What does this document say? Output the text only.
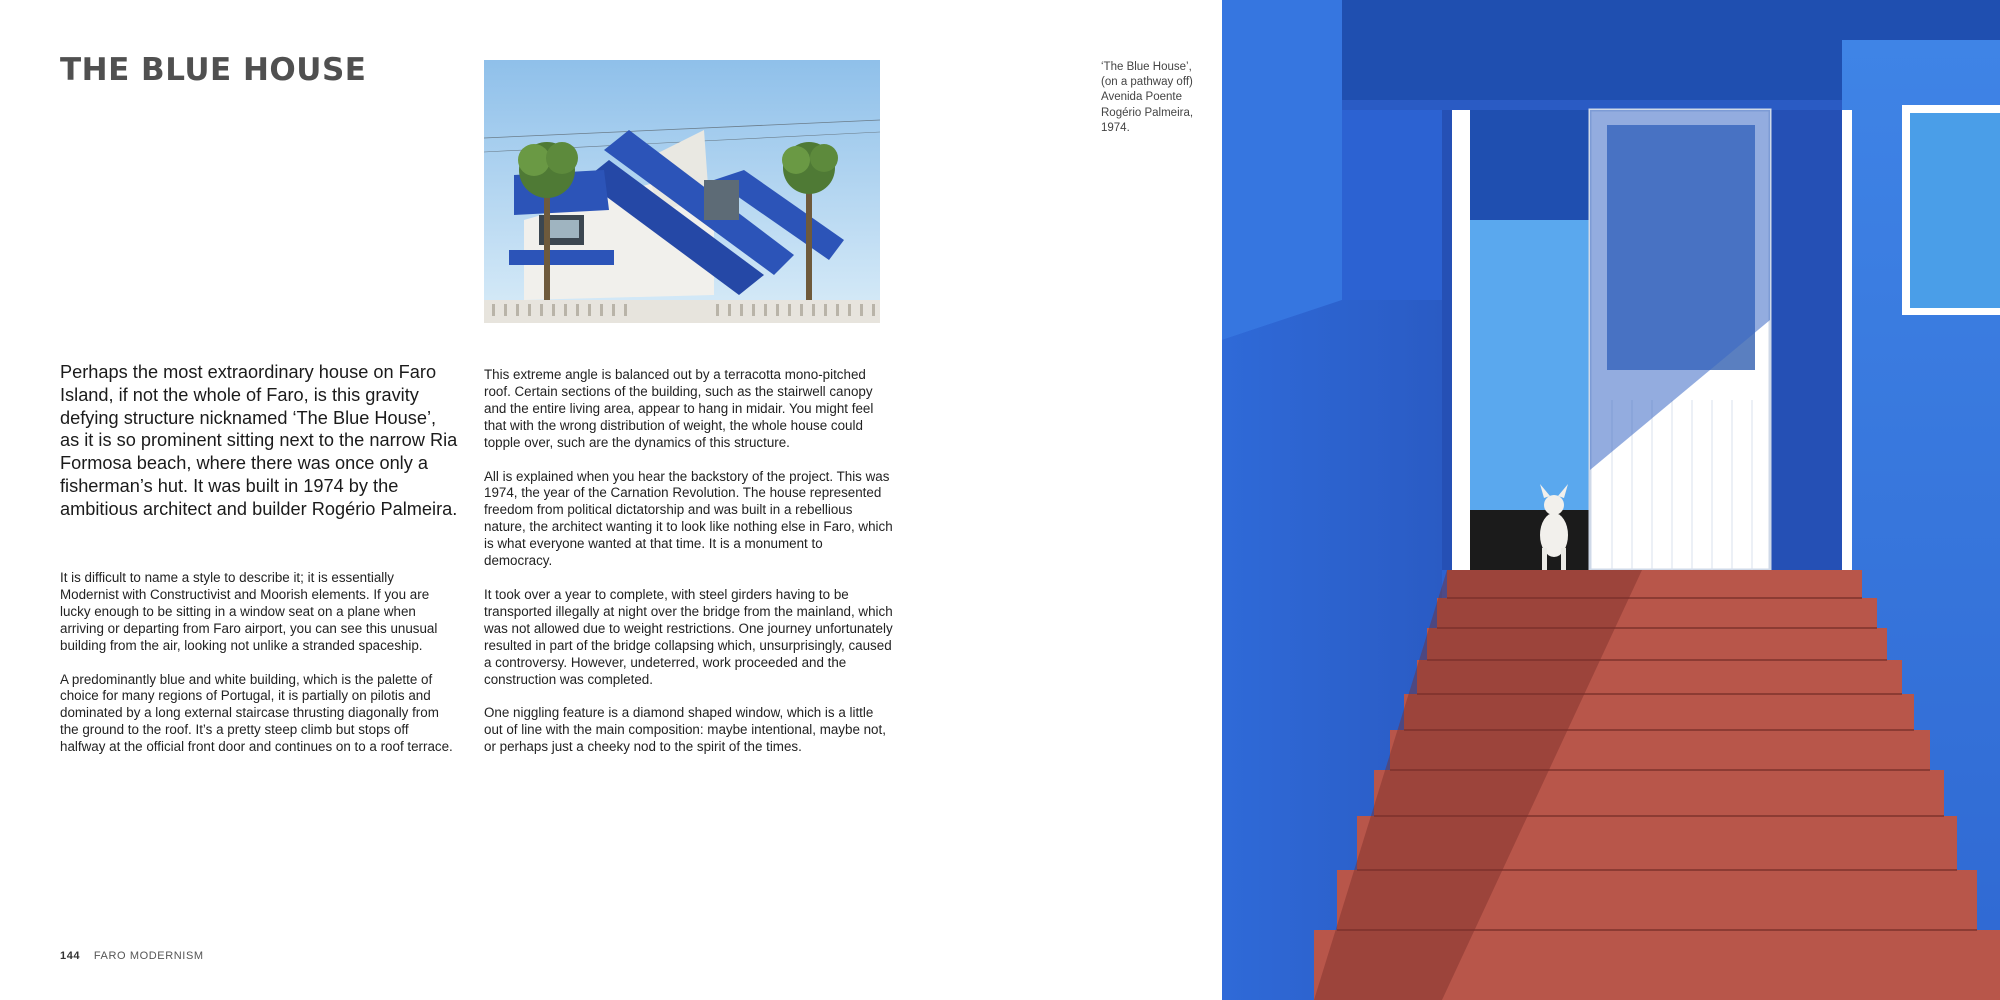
THE BLUE HOUSE

Perhaps the most extraordinary house on Faro Island, if not the whole of Faro, is this gravity defying structure nicknamed ‘The Blue House’, as it is so prominent sitting next to the narrow Ria Formosa beach, where there was once only a fisherman’s hut. It was built in 1974 by the ambitious architect and builder Rogério Palmeira.

It is difficult to name a style to describe it; it is essentially Modernist with Constructivist and Moorish elements. If you are lucky enough to be sitting in a window seat on a plane when arriving or departing from Faro airport, you can see this unusual building from the air, looking not unlike a stranded spaceship.

A predominantly blue and white building, which is the palette of choice for many regions of Portugal, it is partially on pilotis and dominated by a long external staircase thrusting diagonally from the ground to the roof. It’s a pretty steep climb but stops off halfway at the official front door and continues on to a roof terrace.

This extreme angle is balanced out by a terracotta mono-pitched roof. Certain sections of the building, such as the stairwell canopy and the entire living area, appear to hang in midair. You might feel that with the wrong distribution of weight, the whole house could topple over, such are the dynamics of this structure.

All is explained when you hear the backstory of the project. This was 1974, the year of the Carnation Revolution. The house represented freedom from political dictatorship and was built in a rebellious nature, the architect wanting it to look like nothing else in Faro, which is what everyone wanted at that time. It is a monument to democracy.

It took over a year to complete, with steel girders having to be transported illegally at night over the bridge from the mainland, which was not allowed due to weight restrictions. One journey unfortunately resulted in part of the bridge collapsing which, unsurprisingly, caused a controversy. However, undeterred, work proceeded and the construction was completed.

One niggling feature is a diamond shaped window, which is a little out of line with the main composition: maybe intentional, maybe not, or perhaps just a cheeky nod to the spirit of the times.

‘The Blue House’, (on a pathway off) Avenida Poente Rogério Palmeira, 1974.
144 FARO MODERNISM
